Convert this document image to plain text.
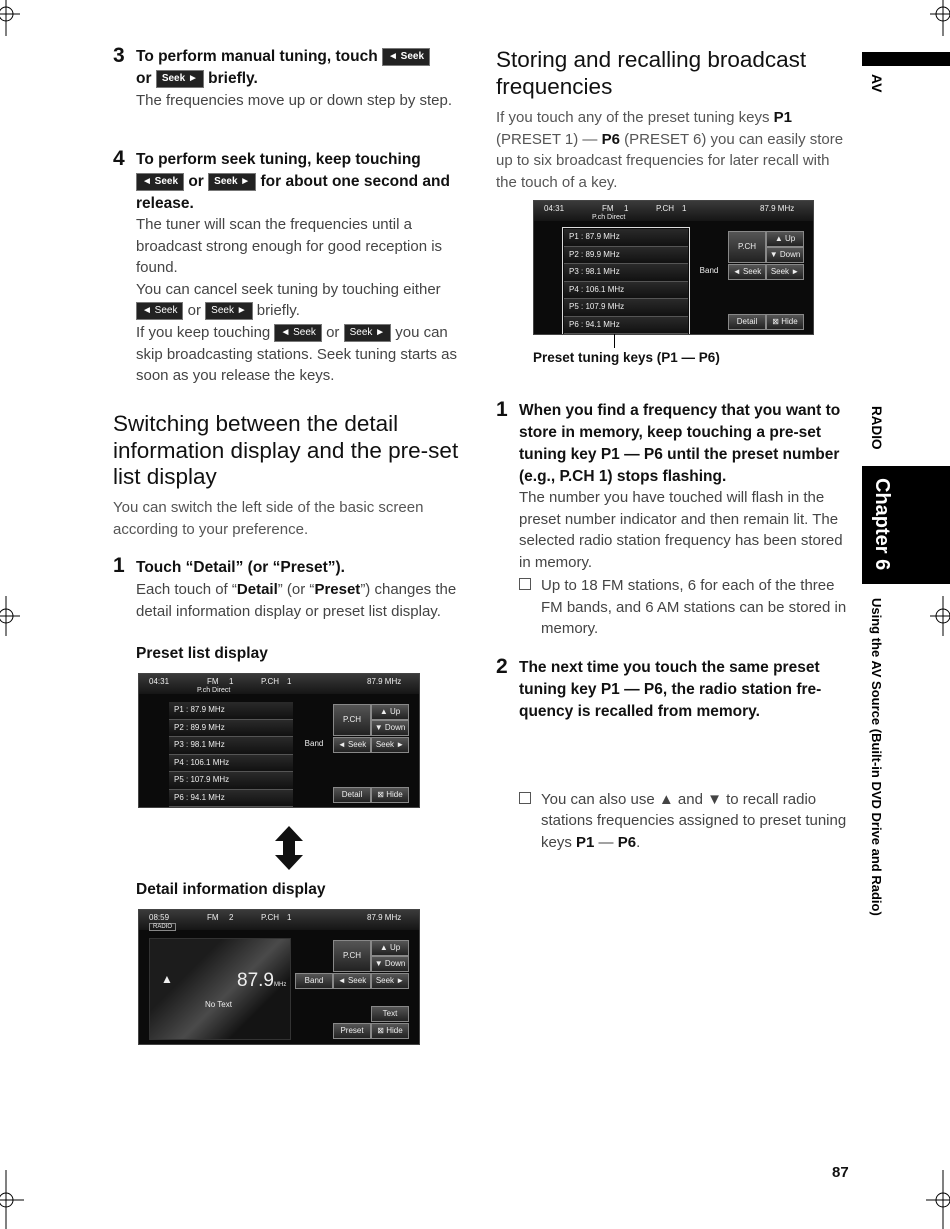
3 To perform manual tuning, touch ◄ Seek
or Seek ► briefly.
The frequencies move up or down step by step.
4 To perform seek tuning, keep touching
◄ Seek or Seek ► for about one second and release.
The tuner will scan the frequencies until a broadcast strong enough for good reception is found.
You can cancel seek tuning by touching either
◄ Seek or Seek ► briefly.
If you keep touching ◄ Seek or Seek ► you can skip broadcasting stations. Seek tuning starts as soon as you release the keys.
Switching between the detail information display and the pre-set list display
You can switch the left side of the basic screen according to your preference.
1 Touch “Detail” (or “Preset”).
Each touch of “Detail” (or “Preset”) changes the detail information display or preset list display.
Preset list display
04:31	FM 1	P.CH 1	87.9 MHz
P.ch Direct
P1 : 87.9 MHz
P2 : 89.9 MHz
P3 : 98.1 MHz
P4 : 106.1 MHz
P5 : 107.9 MHz
P6 : 94.1 MHz
P.CH
▲ Up
▼ Down
Band	◄ Seek	Seek ►
Detail	⊠ Hide
Detail information display
08:59
RADIO
FM 2	P.CH 1	87.9 MHz
▲	87.9MHz
No Text
P.CH
▲ Up
▼ Down
Band	◄ Seek	Seek ►
Text
Preset	⊠ Hide
Storing and recalling broadcast frequencies
If you touch any of the preset tuning keys P1 (PRESET 1) — P6 (PRESET 6) you can easily store up to six broadcast frequencies for later recall with the touch of a key.
04:31	FM 1	P.CH 1	87.9 MHz
P.ch Direct
P1 : 87.9 MHz
P2 : 89.9 MHz
P3 : 98.1 MHz
P4 : 106.1 MHz
P5 : 107.9 MHz
P6 : 94.1 MHz
P.CH
▲ Up
▼ Down
Band	◄ Seek	Seek ►
Detail	⊠ Hide
Preset tuning keys (P1 — P6)
1 When you find a frequency that you want to store in memory, keep touching a pre-set tuning key P1 — P6 until the preset number (e.g., P.CH 1) stops flashing.
The number you have touched will flash in the preset number indicator and then remain lit. The selected radio station frequency has been stored in memory.
Up to 18 FM stations, 6 for each of the three FM bands, and 6 AM stations can be stored in memory.
2 The next time you touch the same preset tuning key P1 — P6, the radio station fre-quency is recalled from memory.
You can also use ▲ and ▼ to recall radio stations frequencies assigned to preset tuning keys P1 — P6.
AV
RADIO
Chapter 6
Using the AV Source (Built-in DVD Drive and Radio)
87
